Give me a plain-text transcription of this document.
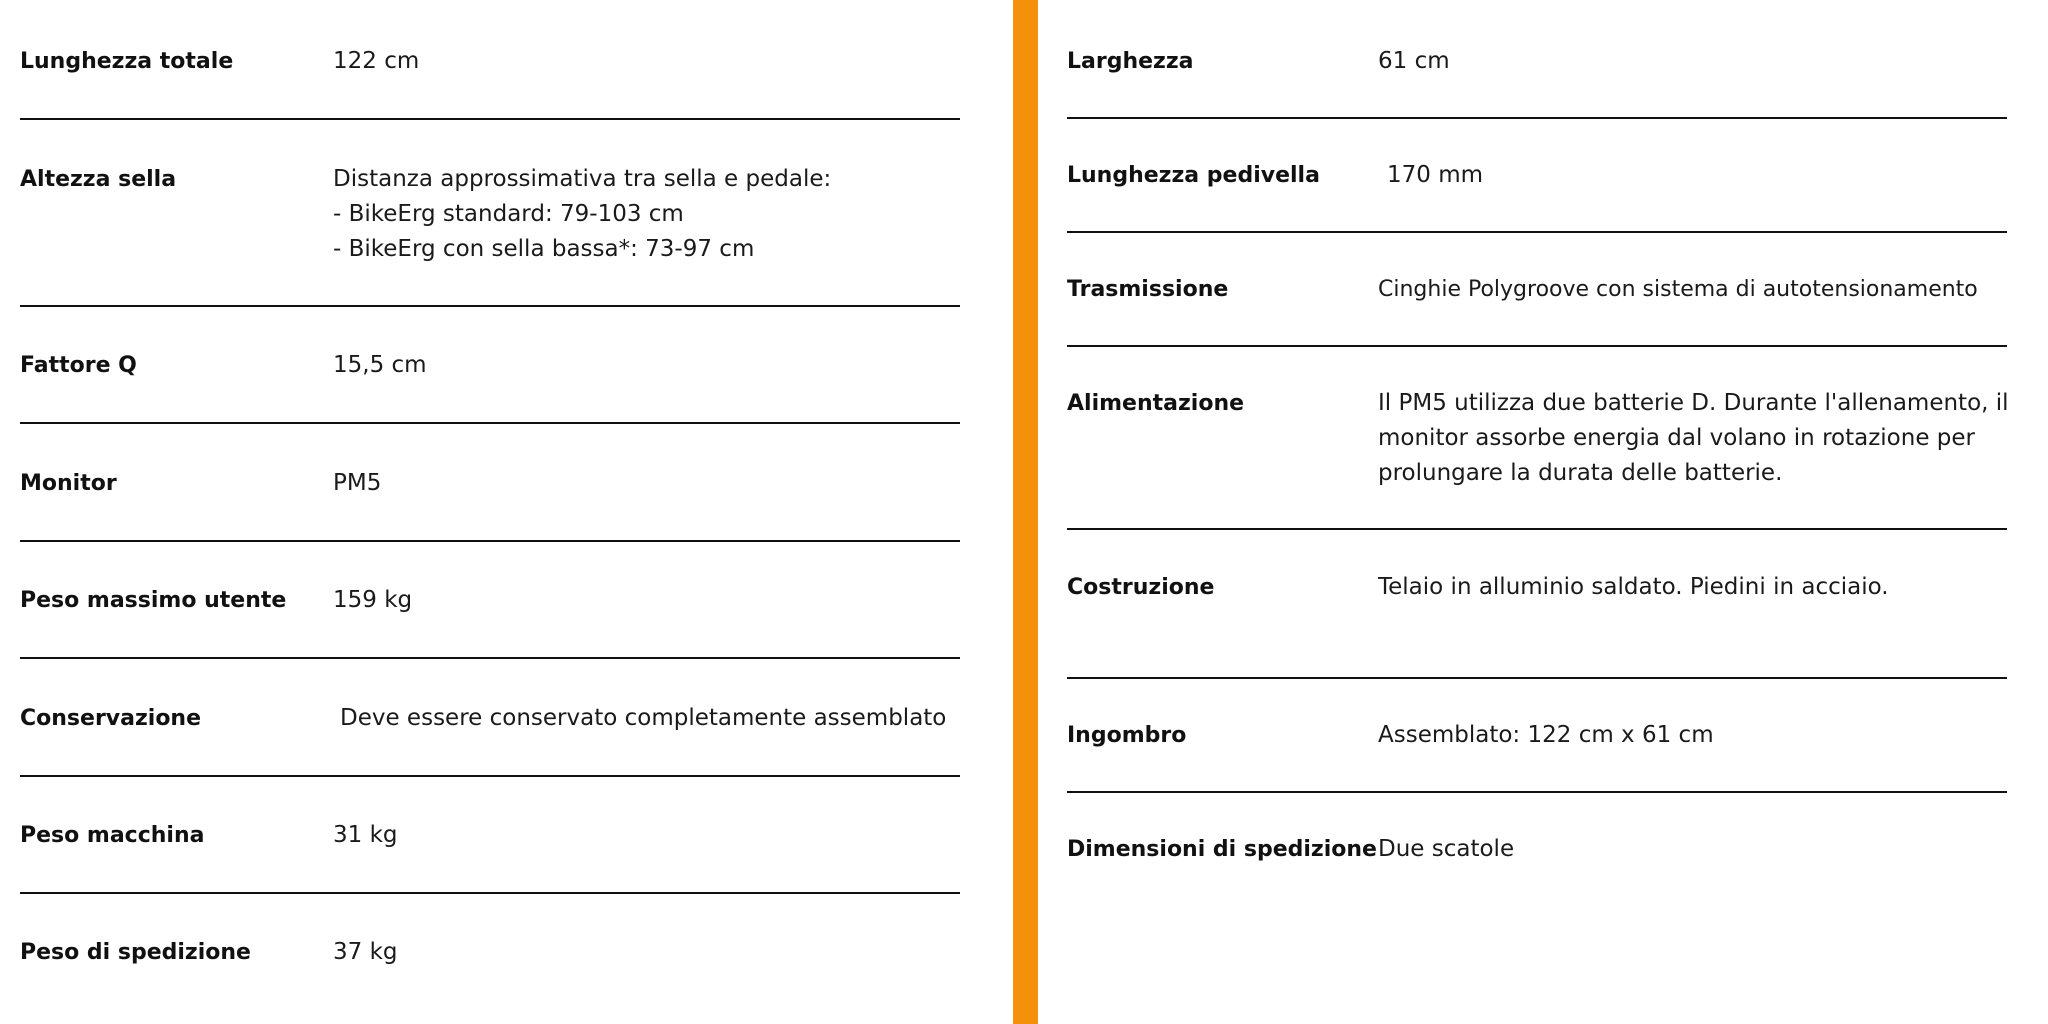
Lunghezza totale	122 cm
Altezza sella	Distanza approssimativa tra sella e pedale:
- BikeErg standard: 79-103 cm
- BikeErg con sella bassa*: 73-97 cm
Fattore Q	15,5 cm
Monitor	PM5
Peso massimo utente 159 kg
Conservazione	Deve essere conservato completamente assemblato
Peso macchina	31 kg
Peso di spedizione	37 kg
Larghezza	61 cm
Lunghezza pedivella	170 mm
Trasmissione	Cinghie Polygroove con sistema di autotensionamento
Alimentazione	Il PM5 utilizza due batterie D. Durante l'allenamento, il
monitor assorbe energia dal volano in rotazione per
prolungare la durata delle batterie.
Costruzione	Telaio in alluminio saldato. Piedini in acciaio.
Ingombro	Assemblato: 122 cm x 61 cm
Dimensioni di spedizione Due scatole
